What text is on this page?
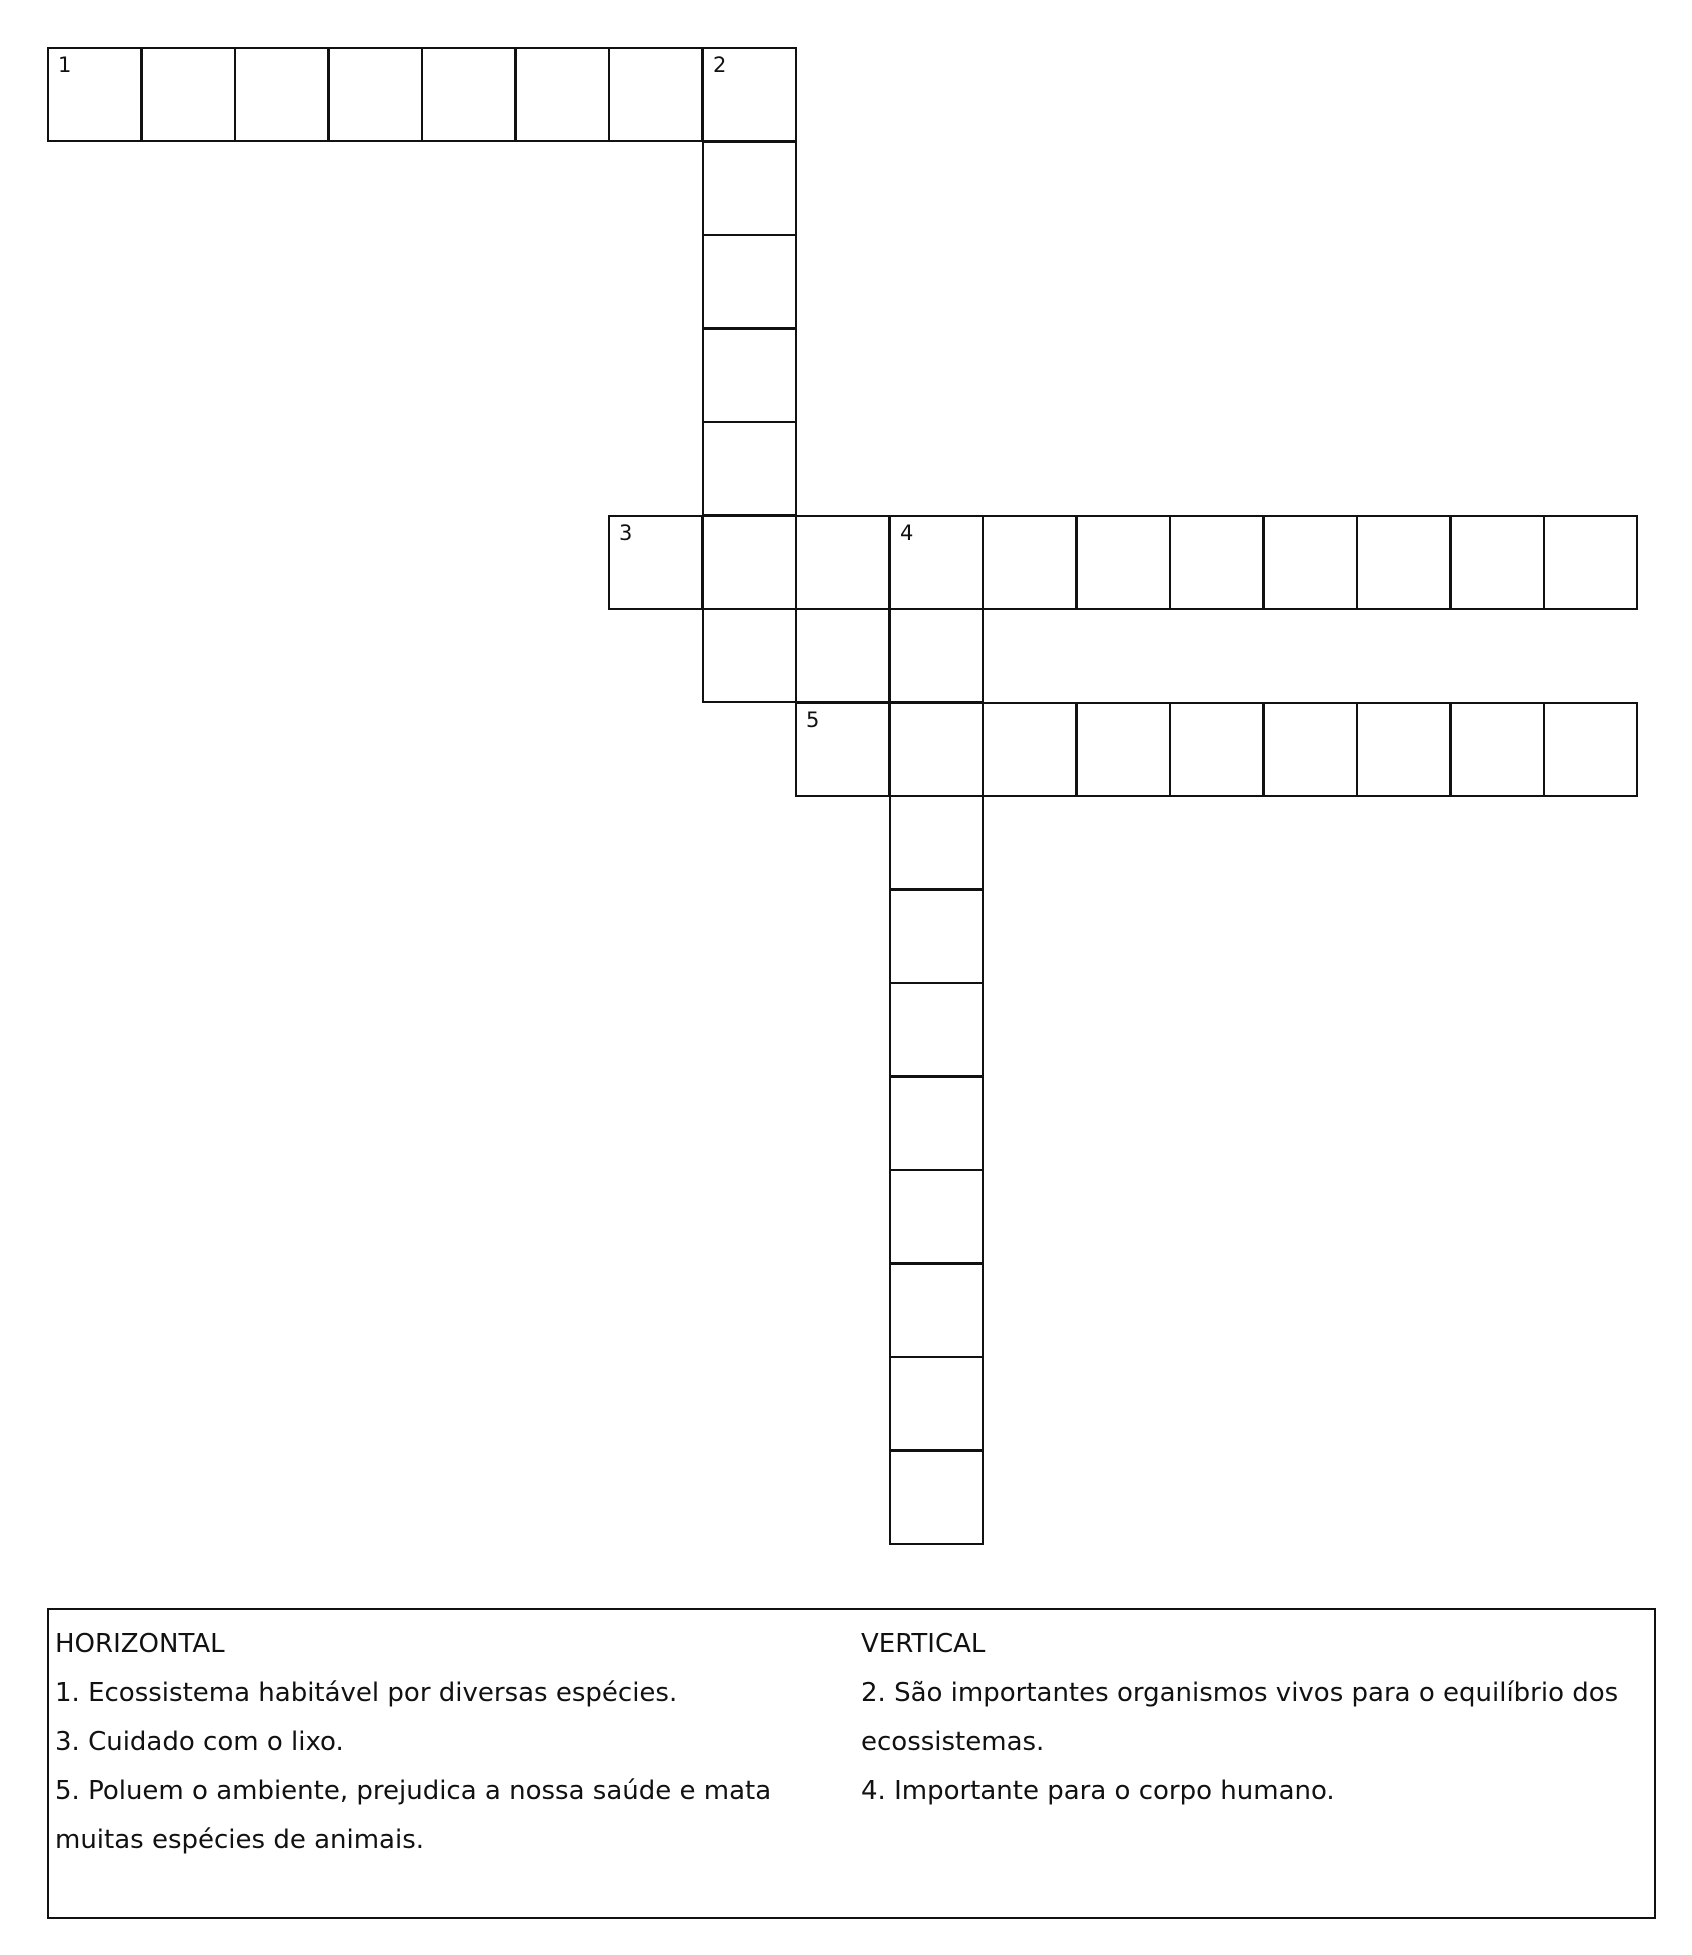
1	2
3	4
5
HORIZONTAL
1. Ecossistema habitável por diversas espécies.
3. Cuidado com o lixo.
5. Poluem o ambiente, prejudica a nossa saúde e mata muitas espécies de animais.
VERTICAL
2. São importantes organismos vivos para o equilíbrio dos ecossistemas.
4. Importante para o corpo humano.
